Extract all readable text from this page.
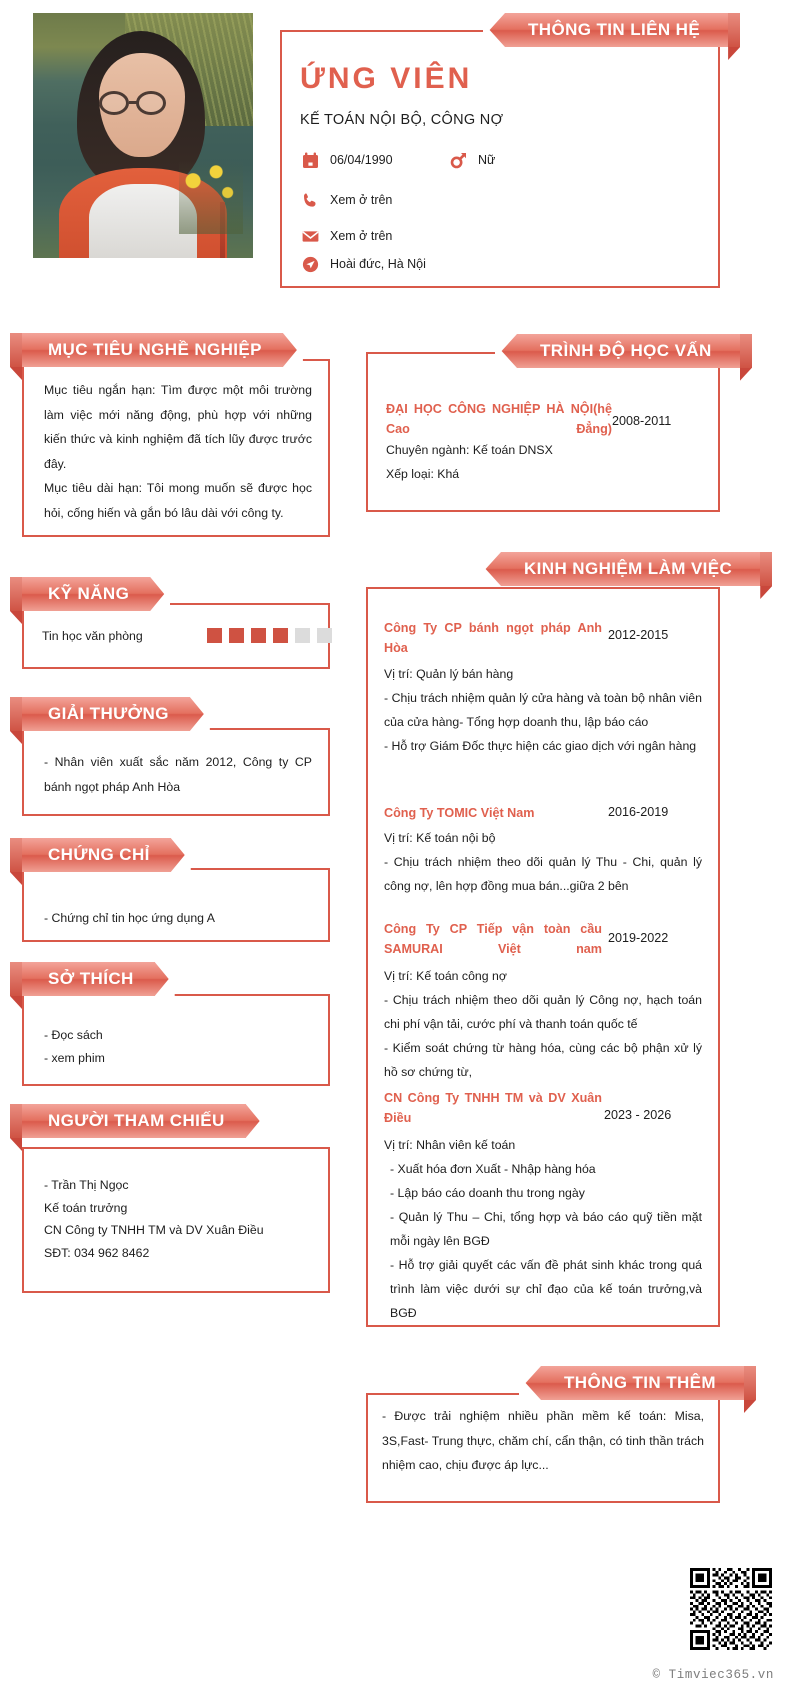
THÔNG TIN LIÊN HỆ
ỨNG VIÊN
KẾ TOÁN NỘI BỘ, CÔNG NỢ
06/04/1990	Nữ
Xem ở trên
Xem ở trên
Hoài đức, Hà Nội
MỤC TIÊU NGHỀ NGHIỆP

Mục tiêu ngắn hạn: Tìm được một môi trường làm việc mới năng động, phù hợp với những kiến thức và kinh nghiệm đã tích lũy được trước đây.

Mục tiêu dài hạn: Tôi mong muốn sẽ được học hỏi, cống hiến và gắn bó lâu dài với công ty.

KỸ NĂNG
Tin học văn phòng
GIẢI THƯỞNG

- Nhân viên xuất sắc năm 2012, Công ty CP bánh ngọt pháp Anh Hòa

CHỨNG CHỈ

- Chứng chỉ tin học ứng dụng A

SỞ THÍCH

- Đọc sách

- xem phim

NGƯỜI THAM CHIẾU

- Trần Thị Ngọc

Kế toán trưởng

CN Công ty TNHH TM và DV Xuân Điều

SĐT: 034 962 8462

TRÌNH ĐỘ HỌC VẤN
ĐẠI HỌC CÔNG NGHIỆP HÀ NỘI(hệ Cao Đẳng)
Chuyên ngành: Kế toán DNSX
Xếp loại: Khá
2008-2011
KINH NGHIỆM LÀM VIỆC
Công Ty CP bánh ngọt pháp Anh Hòa
2012-2015
Vị trí: Quản lý bán hàng
- Chịu trách nhiệm quản lý cửa hàng và toàn bộ nhân viên của cửa hàng- Tổng hợp doanh thu, lập báo cáo
- Hỗ trợ Giám Đốc thực hiện các giao dịch với ngân hàng
Công Ty TOMIC Việt Nam	2016-2019
Vị trí: Kế toán nội bộ
- Chịu trách nhiệm theo dõi quản lý Thu - Chi, quản lý công nợ, lên hợp đồng mua bán...giữa 2 bên
Công Ty CP Tiếp vận toàn cầu SAMURAI Việt nam
2019-2022
Vị trí: Kế toán công nợ
- Chịu trách nhiệm theo dõi quản lý Công nợ, hạch toán chi phí vận tải, cước phí và thanh toán quốc tế
- Kiểm soát chứng từ hàng hóa, cùng các bộ phận xử lý hồ sơ chứng từ,
CN Công Ty TNHH TM và DV Xuân Điều	2023 - 2026
Vị trí: Nhân viên kế toán
- Xuất hóa đơn Xuất - Nhập hàng hóa
- Lập báo cáo doanh thu trong ngày
- Quản lý Thu – Chi, tổng hợp và báo cáo quỹ tiền mặt mỗi ngày lên BGĐ
- Hỗ trợ giải quyết các vấn đề phát sinh khác trong quá trình làm việc dưới sự chỉ đạo của kế toán trưởng,và BGĐ
THÔNG TIN THÊM

- Được trải nghiệm nhiều phần mềm kế toán: Misa, 3S,Fast- Trung thực, chăm chí, cẩn thận, có tinh thần trách nhiệm cao, chịu được áp lực...

© Timviec365.vn
